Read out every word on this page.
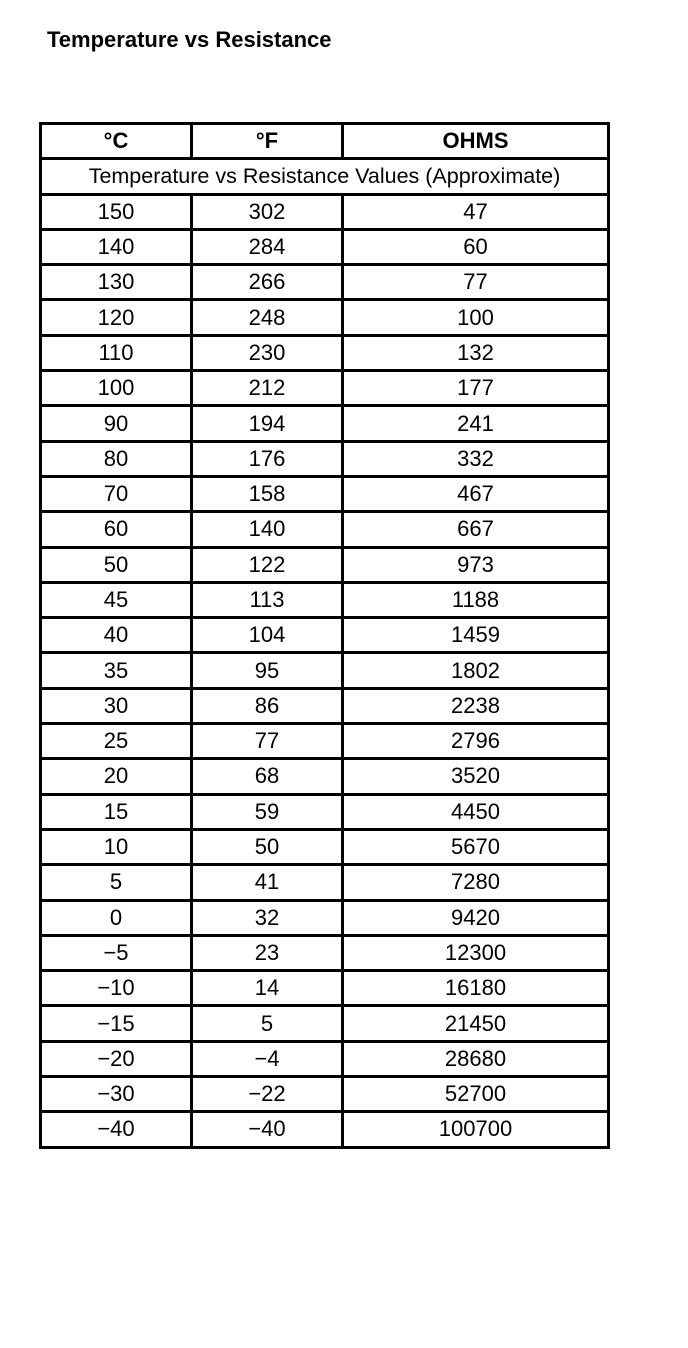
Temperature vs Resistance
°C	°F	OHMS
Temperature vs Resistance Values (Approximate)		
150	302	47
140	284	60
130	266	77
120	248	100
110	230	132
100	212	177
90	194	241
80	176	332
70	158	467
60	140	667
50	122	973
45	113	1188
40	104	1459
35	95	1802
30	86	2238
25	77	2796
20	68	3520
15	59	4450
10	50	5670
5	41	7280
0	32	9420
−5	23	12300
−10	14	16180
−15	5	21450
−20	−4	28680
−30	−22	52700
−40	−40	100700
